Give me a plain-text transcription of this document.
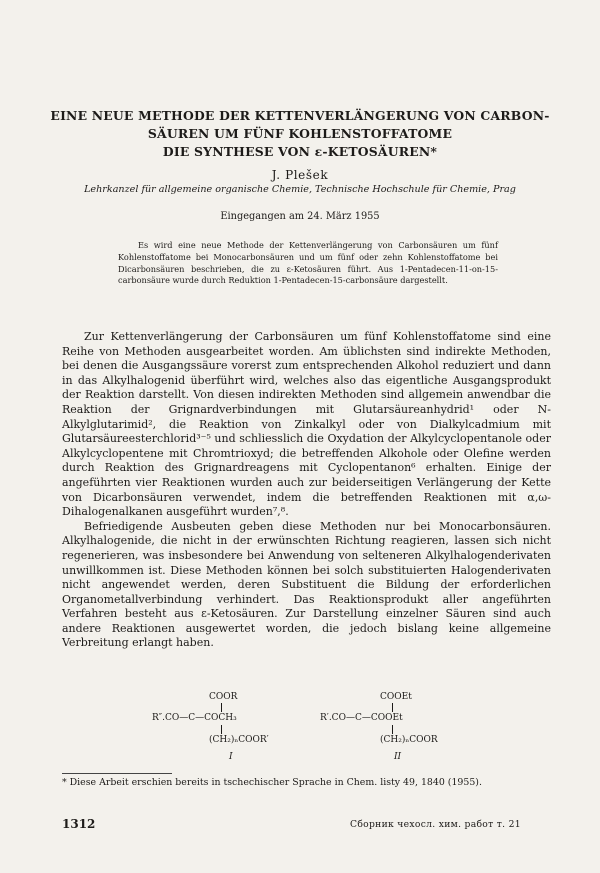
EINE NEUE METHODE DER KETTENVERLÄNGERUNG VON CARBON-
SÄUREN UM FÜNF KOHLENSTOFFATOME
DIE SYNTHESE VON ε-KETOSÄUREN*
J. Plešek
Lehrkanzel für allgemeine organische Chemie, Technische Hochschule für Chemie, Prag
Eingegangen am 24. März 1955
Es wird eine neue Methode der Kettenverlängerung von Carbonsäuren um fünf Kohlenstoffatome bei Monocarbonsäuren und um fünf oder zehn Kohlenstoffatome bei Dicarbonsäuren beschrieben, die zu ε-Ketosäuren führt. Aus 1-Pentadecen-11-on-15-carbonsäure wurde durch Reduktion 1-Pentadecen-15-carbonsäure dargestellt.

Zur Kettenverlängerung der Carbonsäuren um fünf Kohlenstoffatome sind eine Reihe von Methoden ausgearbeitet worden. Am üblichsten sind indirekte Methoden, bei denen die Ausgangssäure vorerst zum entsprechenden Alkohol reduziert und dann in das Alkylhalogenid überführt wird, welches also das eigentliche Ausgangsprodukt der Reaktion darstellt. Von diesen indirekten Methoden sind allgemein anwendbar die Reaktion der Grignardverbindungen mit Glutarsäureanhydrid¹ oder N-Alkylglutarimid², die Reaktion von Zinkalkyl oder von Dialkylcadmium mit Glutarsäureesterchlorid³⁻⁵ und schliesslich die Oxydation der Alkylcyclopentanole oder Alkylcyclopentene mit Chromtrioxyd; die betreffenden Alkohole oder Olefine werden durch Reaktion des Grignardreagens mit Cyclopentanon⁶ erhalten. Einige der angeführten vier Reaktionen wurden auch zur beiderseitigen Verlängerung der Kette von Dicarbonsäuren verwendet, indem die betreffenden Reaktionen mit α,ω-Dihalogenalkanen ausgeführt wurden⁷,⁸.

Befriedigende Ausbeuten geben diese Methoden nur bei Monocarbonsäuren. Alkylhalogenide, die nicht in der erwünschten Richtung reagieren, lassen sich nicht regenerieren, was insbesondere bei Anwendung von selteneren Alkylhalogenderivaten unwillkommen ist. Diese Methoden können bei solch substituierten Halogenderivaten nicht angewendet werden, deren Substituent die Bildung der erforderlichen Organometallverbindung verhindert. Das Reaktionsprodukt aller angeführten Verfahren besteht aus ε-Ketosäuren. Zur Darstellung einzelner Säuren sind auch andere Reaktionen ausgewertet worden, die jedoch bislang keine allgemeine Verbreitung erlangt haben.

COOR
R″.CO—C—COCH₃
(CH₂)ₙCOOR′
I
COOEt
R′.CO—C—COOEt
(CH₂)ₙCOOR
II
* Diese Arbeit erschien bereits in tschechischer Sprache in Chem. listy 49, 1840 (1955).
1312	Сборник чехосл. хим. работ т. 21
